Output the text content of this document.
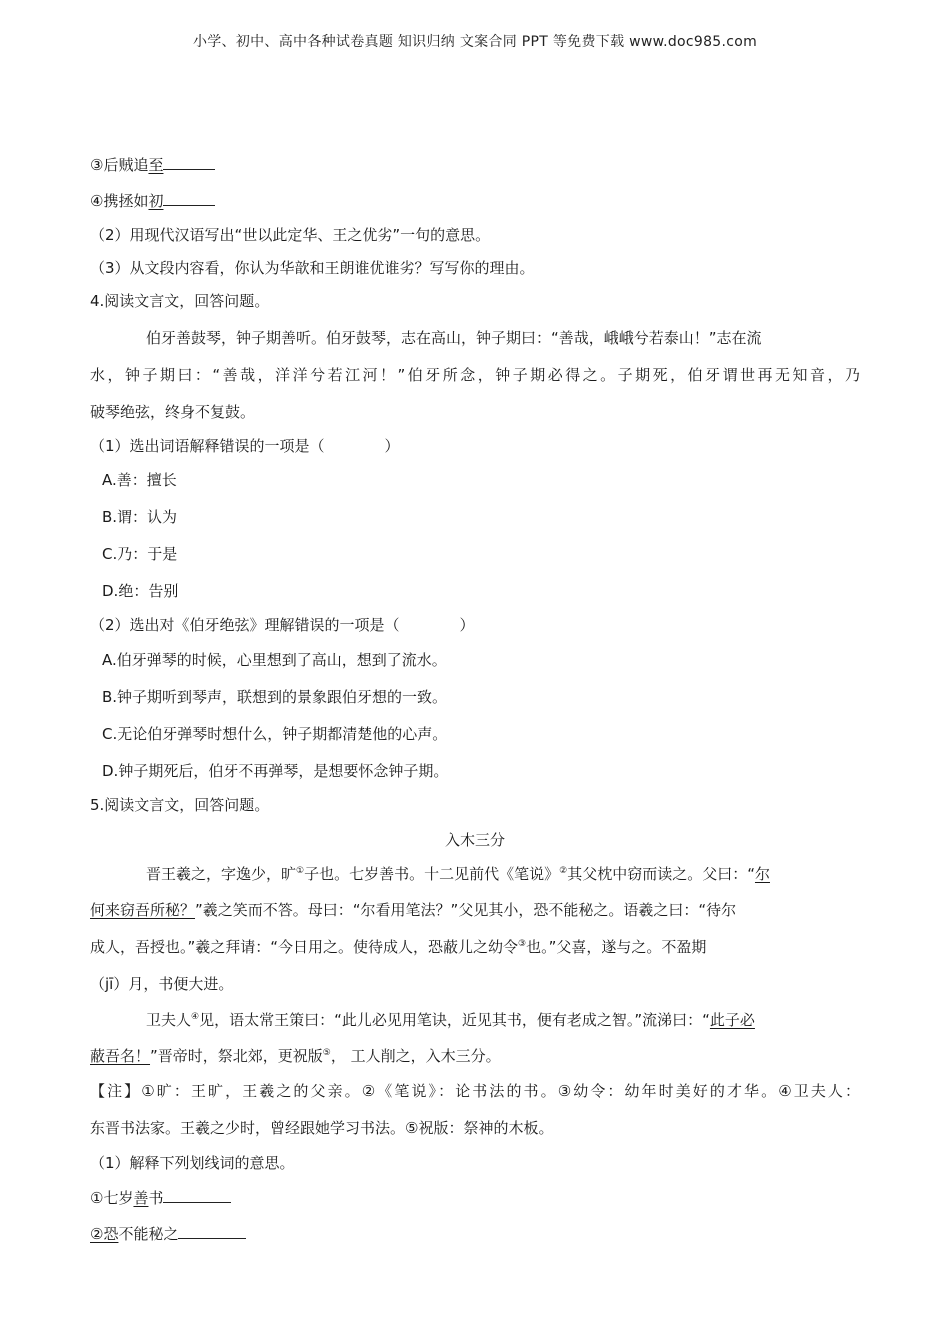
小学、初中、高中各种试卷真题 知识归纳 文案合同 PPT 等免费下载 www.doc985.com
③后贼追至
④携拯如初
（2）用现代汉语写出“世以此定华、王之优劣”一句的意思。
（3）从文段内容看，你认为华歆和王朗谁优谁劣？写写你的理由。
4.阅读文言文，回答问题。
伯牙善鼓琴，钟子期善听。伯牙鼓琴，志在高山，钟子期曰：“善哉，峨峨兮若泰山！”志在流
水，钟子期曰：“善哉，洋洋兮若江河！”伯牙所念，钟子期必得之。子期死，伯牙谓世再无知音，乃
破琴绝弦，终身不复鼓。
（1）选出词语解释错误的一项是（　　　　）
A.善：擅长
B.谓：认为
C.乃：于是
D.绝：告别
（2）选出对《伯牙绝弦》理解错误的一项是（　　　　）
A.伯牙弹琴的时候，心里想到了高山，想到了流水。
B.钟子期听到琴声，联想到的景象跟伯牙想的一致。
C.无论伯牙弹琴时想什么，钟子期都清楚他的心声。
D.钟子期死后，伯牙不再弹琴，是想要怀念钟子期。
5.阅读文言文，回答问题。
入木三分
晋王羲之，字逸少，旷①子也。七岁善书。十二见前代《笔说》②其父枕中窃而读之。父曰：“尔
何来窃吾所秘？”羲之笑而不答。母曰：“尔看用笔法？”父见其小，恐不能秘之。语羲之曰：“待尔
成人，吾授也。”羲之拜请：“今日用之。使待成人，恐蔽儿之幼令③也。”父喜，遂与之。不盈期
（jī）月，书便大进。
卫夫人④见，语太常王策曰：“此儿必见用笔诀，近见其书，便有老成之智。”流涕曰：“此子必
蔽吾名！”晋帝时，祭北郊，更祝版⑤， 工人削之，入木三分。
【注】①旷：王旷，王羲之的父亲。②《笔说》：论书法的书。③幼令：幼年时美好的才华。④卫夫人：
东晋书法家。王羲之少时，曾经跟她学习书法。⑤祝版：祭神的木板。
（1）解释下列划线词的意思。
①七岁善书
②恐不能秘之
